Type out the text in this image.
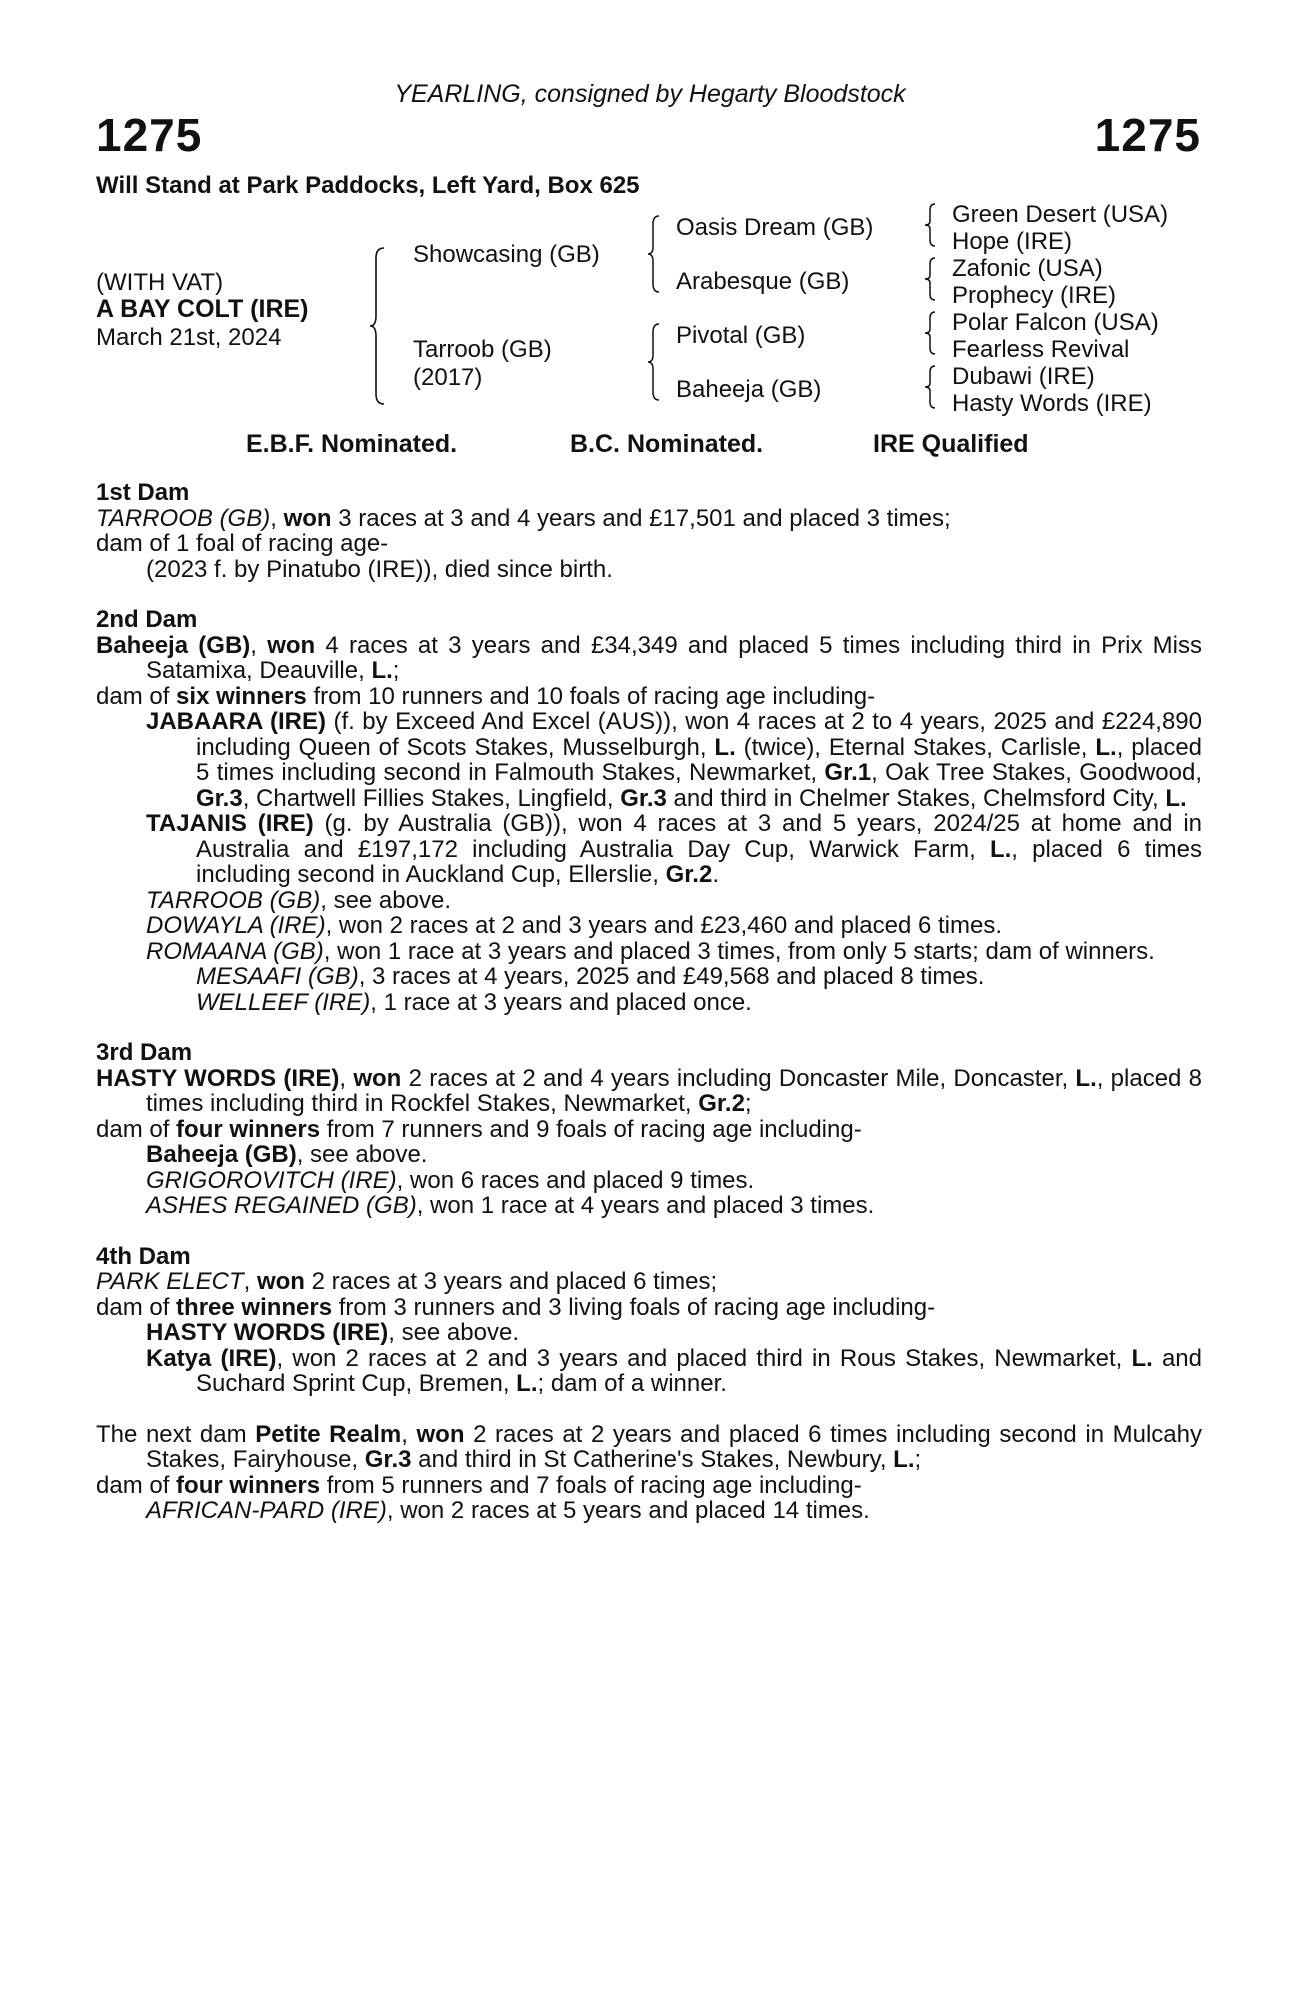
YEARLING, consigned by Hegarty Bloodstock
1275	1275
Will Stand at Park Paddocks, Left Yard, Box 625
(WITH VAT)
A BAY COLT (IRE)
March 21st, 2024
Showcasing (GB)
Tarroob (GB)
(2017)
Oasis Dream (GB)
Arabesque (GB)
Pivotal (GB)
Baheeja (GB)
Green Desert (USA)
Hope (IRE)
Zafonic (USA)
Prophecy (IRE)
Polar Falcon (USA)
Fearless Revival
Dubawi (IRE)
Hasty Words (IRE)
E.B.F. Nominated.	B.C. Nominated.	IRE Qualified

1st Dam

TARROOB (GB), won 3 races at 3 and 4 years and £17,501 and placed 3 times;

dam of 1 foal of racing age-

(2023 f. by Pinatubo (IRE)), died since birth.

2nd Dam

Baheeja (GB), won 4 races at 3 years and £34,349 and placed 5 times including third in Prix Miss Satamixa, Deauville, L.;

dam of six winners from 10 runners and 10 foals of racing age including-

JABAARA (IRE) (f. by Exceed And Excel (AUS)), won 4 races at 2 to 4 years, 2025 and £224,890 including Queen of Scots Stakes, Musselburgh, L. (twice), Eternal Stakes, Carlisle, L., placed 5 times including second in Falmouth Stakes, Newmarket, Gr.1, Oak Tree Stakes, Goodwood, Gr.3, Chartwell Fillies Stakes, Lingfield, Gr.3 and third in Chelmer Stakes, Chelmsford City, L.

TAJANIS (IRE) (g. by Australia (GB)), won 4 races at 3 and 5 years, 2024/25 at home and in Australia and £197,172 including Australia Day Cup, Warwick Farm, L., placed 6 times including second in Auckland Cup, Ellerslie, Gr.2.

TARROOB (GB), see above.

DOWAYLA (IRE), won 2 races at 2 and 3 years and £23,460 and placed 6 times.

ROMAANA (GB), won 1 race at 3 years and placed 3 times, from only 5 starts; dam of winners.

MESAAFI (GB), 3 races at 4 years, 2025 and £49,568 and placed 8 times.

WELLEEF (IRE), 1 race at 3 years and placed once.

3rd Dam

HASTY WORDS (IRE), won 2 races at 2 and 4 years including Doncaster Mile, Doncaster, L., placed 8 times including third in Rockfel Stakes, Newmarket, Gr.2;

dam of four winners from 7 runners and 9 foals of racing age including-

Baheeja (GB), see above.

GRIGOROVITCH (IRE), won 6 races and placed 9 times.

ASHES REGAINED (GB), won 1 race at 4 years and placed 3 times.

4th Dam

PARK ELECT, won 2 races at 3 years and placed 6 times;

dam of three winners from 3 runners and 3 living foals of racing age including-

HASTY WORDS (IRE), see above.

Katya (IRE), won 2 races at 2 and 3 years and placed third in Rous Stakes, Newmarket, L. and Suchard Sprint Cup, Bremen, L.; dam of a winner.

The next dam Petite Realm, won 2 races at 2 years and placed 6 times including second in Mulcahy Stakes, Fairyhouse, Gr.3 and third in St Catherine's Stakes, Newbury, L.;

dam of four winners from 5 runners and 7 foals of racing age including-

AFRICAN-PARD (IRE), won 2 races at 5 years and placed 14 times.
